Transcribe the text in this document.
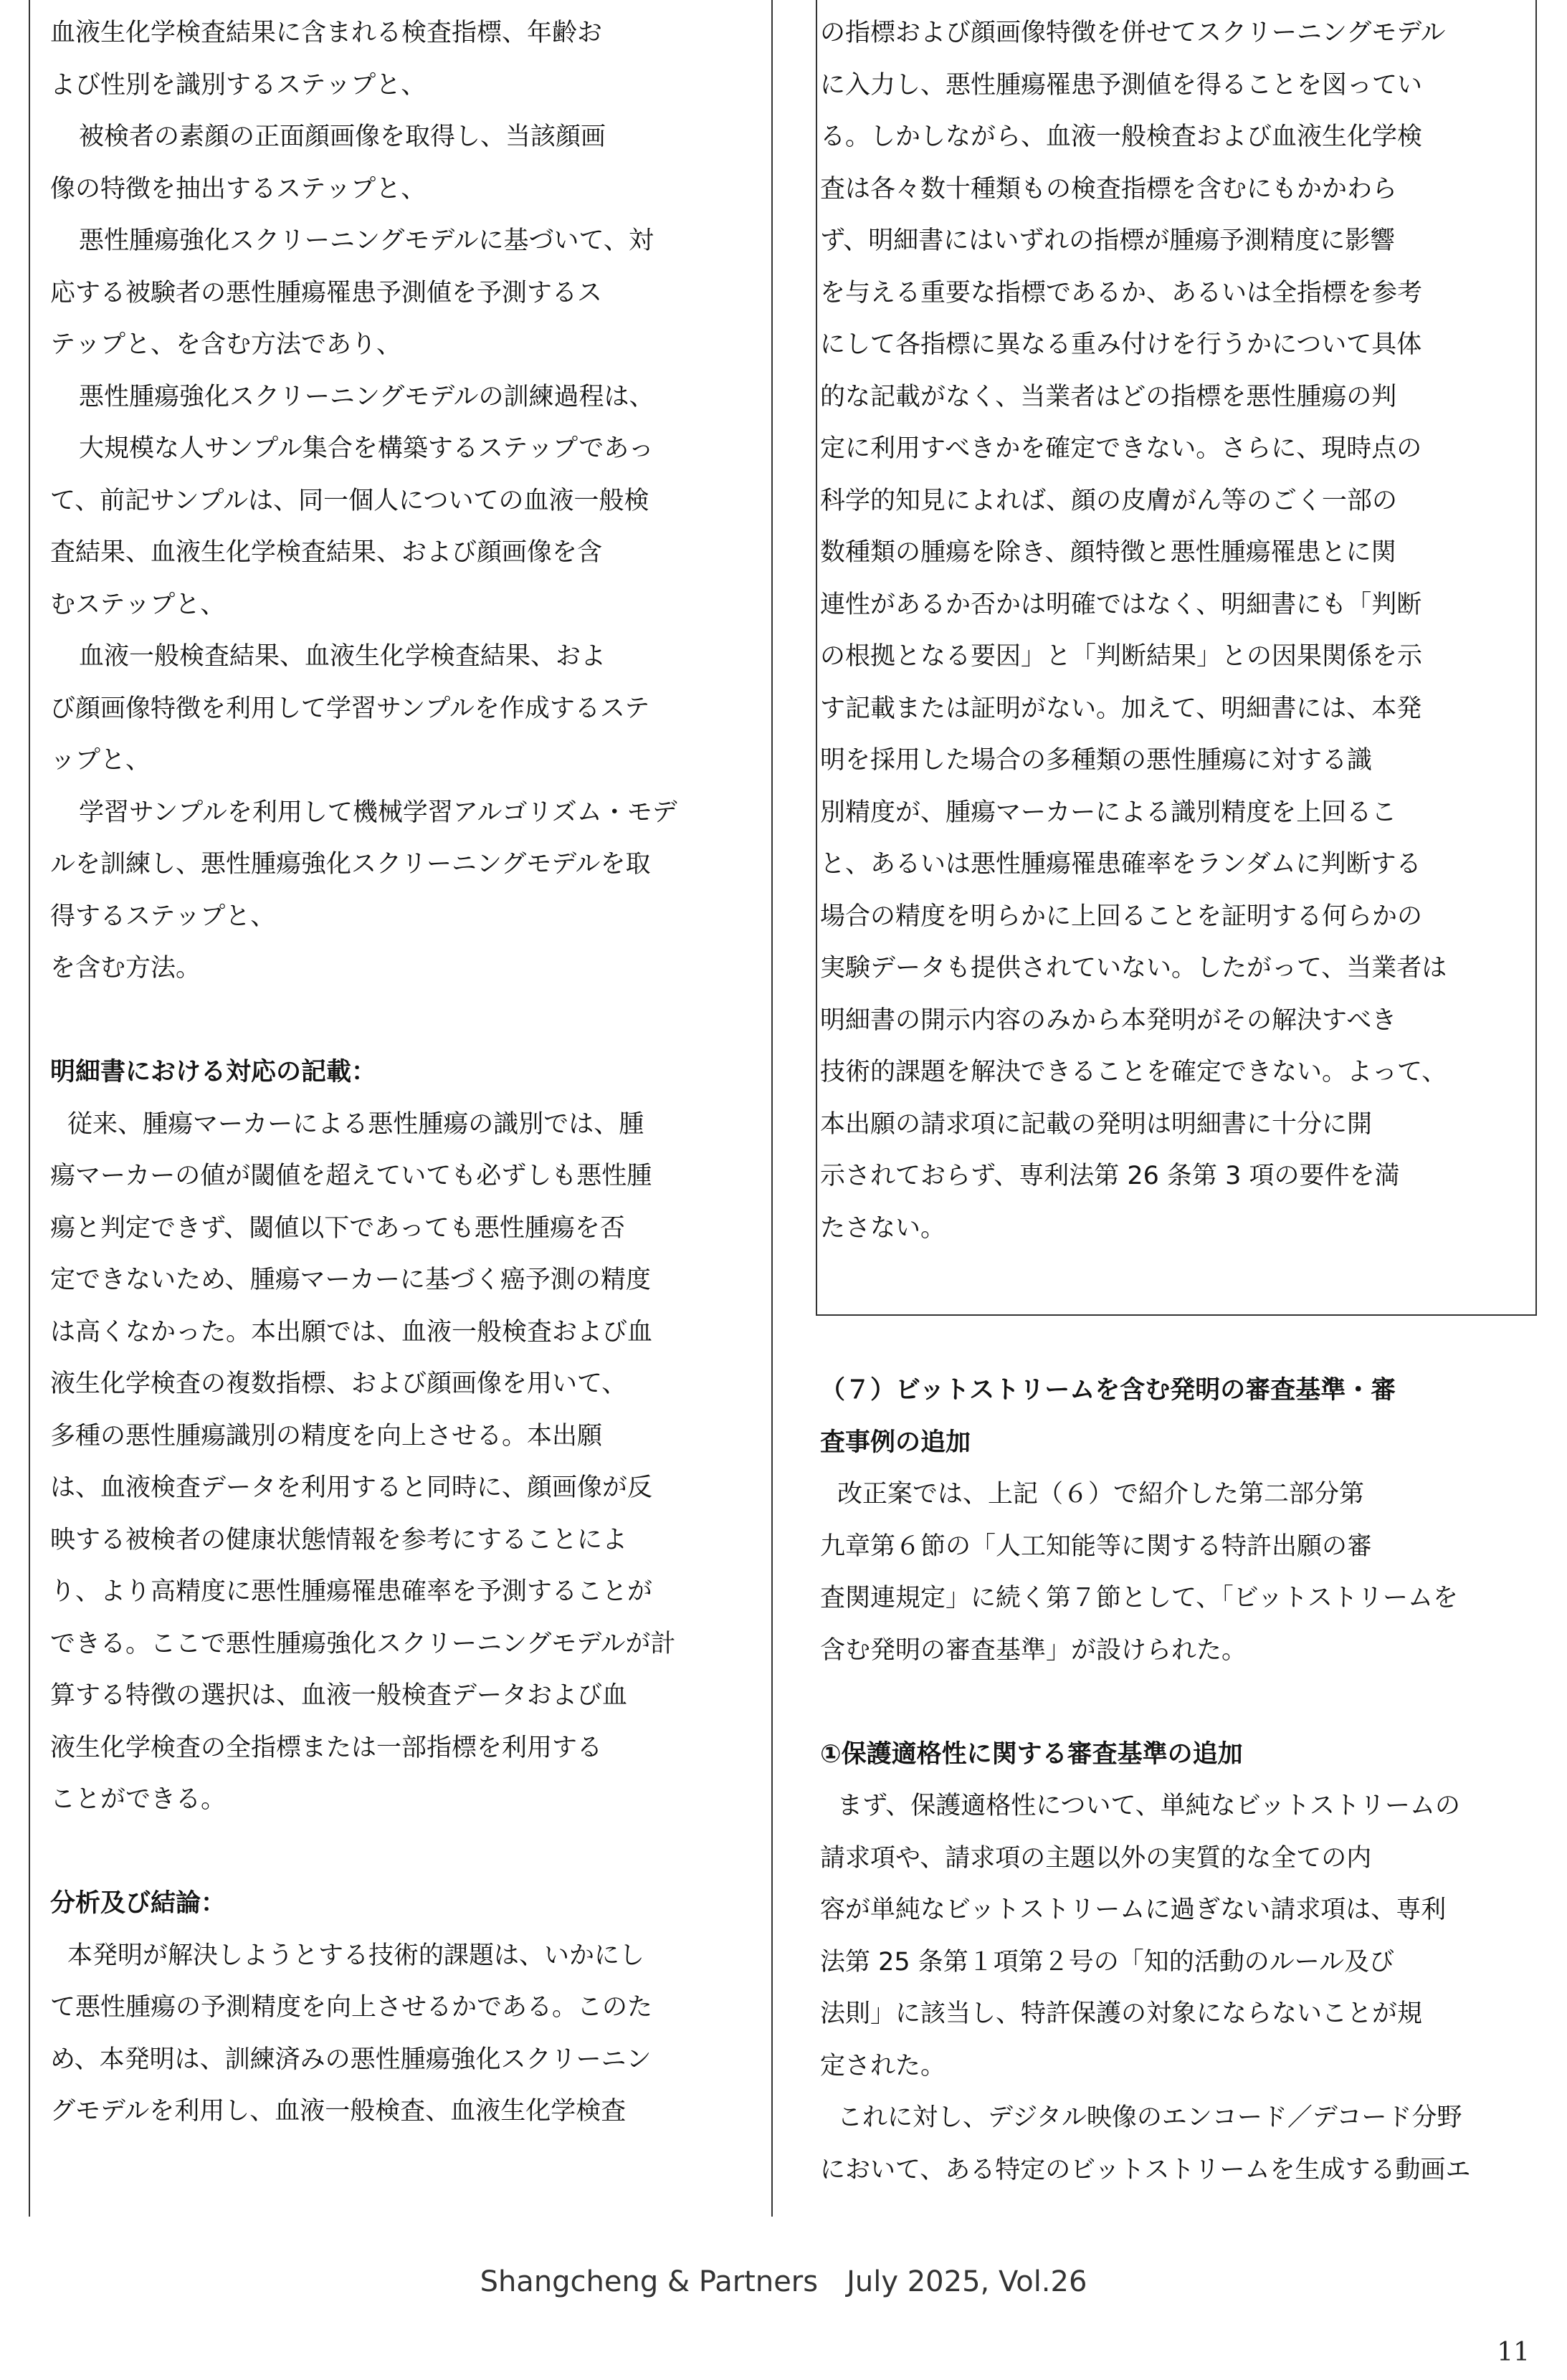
血液生化学検査結果に含まれる検査指標、年齢お
よび性別を識別するステップと、
被検者の素顔の正面顔画像を取得し、当該顔画
像の特徴を抽出するステップと、
悪性腫瘍強化スクリーニングモデルに基づいて、対
応する被験者の悪性腫瘍罹患予測値を予測するス
テップと、を含む方法であり、
悪性腫瘍強化スクリーニングモデルの訓練過程は、
大規模な人サンプル集合を構築するステップであっ
て、前記サンプルは、同一個人についての血液一般検
査結果、血液生化学検査結果、および顔画像を含
むステップと、
血液一般検査結果、血液生化学検査結果、およ
び顔画像特徴を利用して学習サンプルを作成するステ
ップと、
学習サンプルを利用して機械学習アルゴリズム・モデ
ルを訓練し、悪性腫瘍強化スクリーニングモデルを取
得するステップと、
を含む方法。
明細書における対応の記載：
従来、腫瘍マーカーによる悪性腫瘍の識別では、腫
瘍マーカーの値が閾値を超えていても必ずしも悪性腫
瘍と判定できず、閾値以下であっても悪性腫瘍を否
定できないため、腫瘍マーカーに基づく癌予測の精度
は高くなかった。本出願では、血液一般検査および血
液生化学検査の複数指標、および顔画像を用いて、
多種の悪性腫瘍識別の精度を向上させる。本出願
は、血液検査データを利用すると同時に、顔画像が反
映する被検者の健康状態情報を参考にすることによ
り、より高精度に悪性腫瘍罹患確率を予測することが
できる。ここで悪性腫瘍強化スクリーニングモデルが計
算する特徴の選択は、血液一般検査データおよび血
液生化学検査の全指標または一部指標を利用する
ことができる。
分析及び結論：
本発明が解決しようとする技術的課題は、いかにし
て悪性腫瘍の予測精度を向上させるかである。このた
め、本発明は、訓練済みの悪性腫瘍強化スクリーニン
グモデルを利用し、血液一般検査、血液生化学検査
の指標および顔画像特徴を併せてスクリーニングモデル
に入力し、悪性腫瘍罹患予測値を得ることを図ってい
る。しかしながら、血液一般検査および血液生化学検
査は各々数十種類もの検査指標を含むにもかかわら
ず、明細書にはいずれの指標が腫瘍予測精度に影響
を与える重要な指標であるか、あるいは全指標を参考
にして各指標に異なる重み付けを行うかについて具体
的な記載がなく、当業者はどの指標を悪性腫瘍の判
定に利用すべきかを確定できない。さらに、現時点の
科学的知見によれば、顔の皮膚がん等のごく一部の
数種類の腫瘍を除き、顔特徴と悪性腫瘍罹患とに関
連性があるか否かは明確ではなく、明細書にも「判断
の根拠となる要因」と「判断結果」との因果関係を示
す記載または証明がない。加えて、明細書には、本発
明を採用した場合の多種類の悪性腫瘍に対する識
別精度が、腫瘍マーカーによる識別精度を上回るこ
と、あるいは悪性腫瘍罹患確率をランダムに判断する
場合の精度を明らかに上回ることを証明する何らかの
実験データも提供されていない。したがって、当業者は
明細書の開示内容のみから本発明がその解決すべき
技術的課題を解決できることを確定できない。よって、
本出願の請求項に記載の発明は明細書に十分に開
示されておらず、専利法第 26 条第 3 項の要件を満
たさない。
（７）ビットストリームを含む発明の審査基準・審
査事例の追加
改正案では、上記（６）で紹介した第二部分第
九章第６節の「人工知能等に関する特許出願の審
査関連規定」に続く第７節として、「ビットストリームを
含む発明の審査基準」が設けられた。
①保護適格性に関する審査基準の追加
まず、保護適格性について、単純なビットストリームの
請求項や、請求項の主題以外の実質的な全ての内
容が単純なビットストリームに過ぎない請求項は、専利
法第 25 条第１項第２号の「知的活動のルール及び
法則」に該当し、特許保護の対象にならないことが規
定された。
これに対し、デジタル映像のエンコード／デコード分野
において、ある特定のビットストリームを生成する動画エ
Shangcheng & Partners　July 2025, Vol.26
11
